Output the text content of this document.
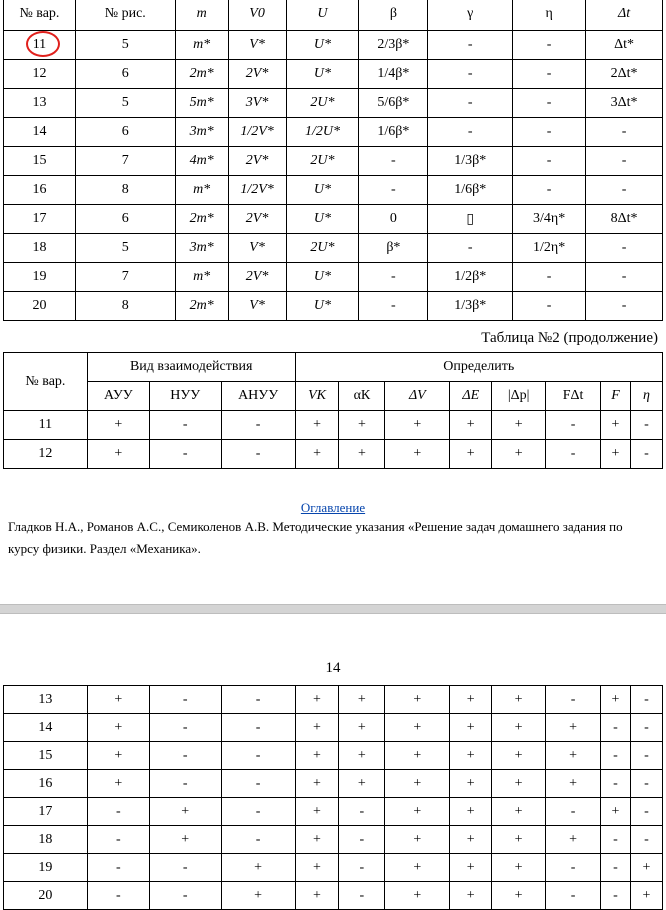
№ вар.	№ рис.	m	V0	U	β	γ	η	Δt
11	5	m*	V*	U*	2/3β*	-	-	Δt*
12	6	2m*	2V*	U*	1/4β*	-	-	2Δt*
13	5	5m*	3V*	2U*	5/6β*	-	-	3Δt*
14	6	3m*	1/2V*	1/2U*	1/6β*	-	-	-
15	7	4m*	2V*	2U*	-	1/3β*	-	-
16	8	m*	1/2V*	U*	-	1/6β*	-	-
17	6	2m*	2V*	U*	0	▯	3/4η*	8Δt*
18	5	3m*	V*	2U*	β*	-	1/2η*	-
19	7	m*	2V*	U*	-	1/2β*	-	-
20	8	2m*	V*	U*	-	1/3β*	-	-
Таблица №2 (продолжение)
№ вар.	Вид взаимодействия			Определить							
	АУУ	НУУ	АНУУ	VК	αК	ΔV	ΔE	|Δp|	FΔt	F	η
11	+	-	-	+	+	+	+	+	-	+	-
12	+	-	-	+	+	+	+	+	-	+	-
Оглавление
Гладков Н.А., Романов А.С., Семиколенов А.В. Методические указания «Решение задач домашнего задания по курсу физики. Раздел «Механика».
14
13	+	-	-	+	+	+	+	+	-	+	-
14	+	-	-	+	+	+	+	+	+	-	-
15	+	-	-	+	+	+	+	+	+	-	-
16	+	-	-	+	+	+	+	+	+	-	-
17	-	+	-	+	-	+	+	+	-	+	-
18	-	+	-	+	-	+	+	+	+	-	-
19	-	-	+	+	-	+	+	+	-	-	+
20	-	-	+	+	-	+	+	+	-	-	+
